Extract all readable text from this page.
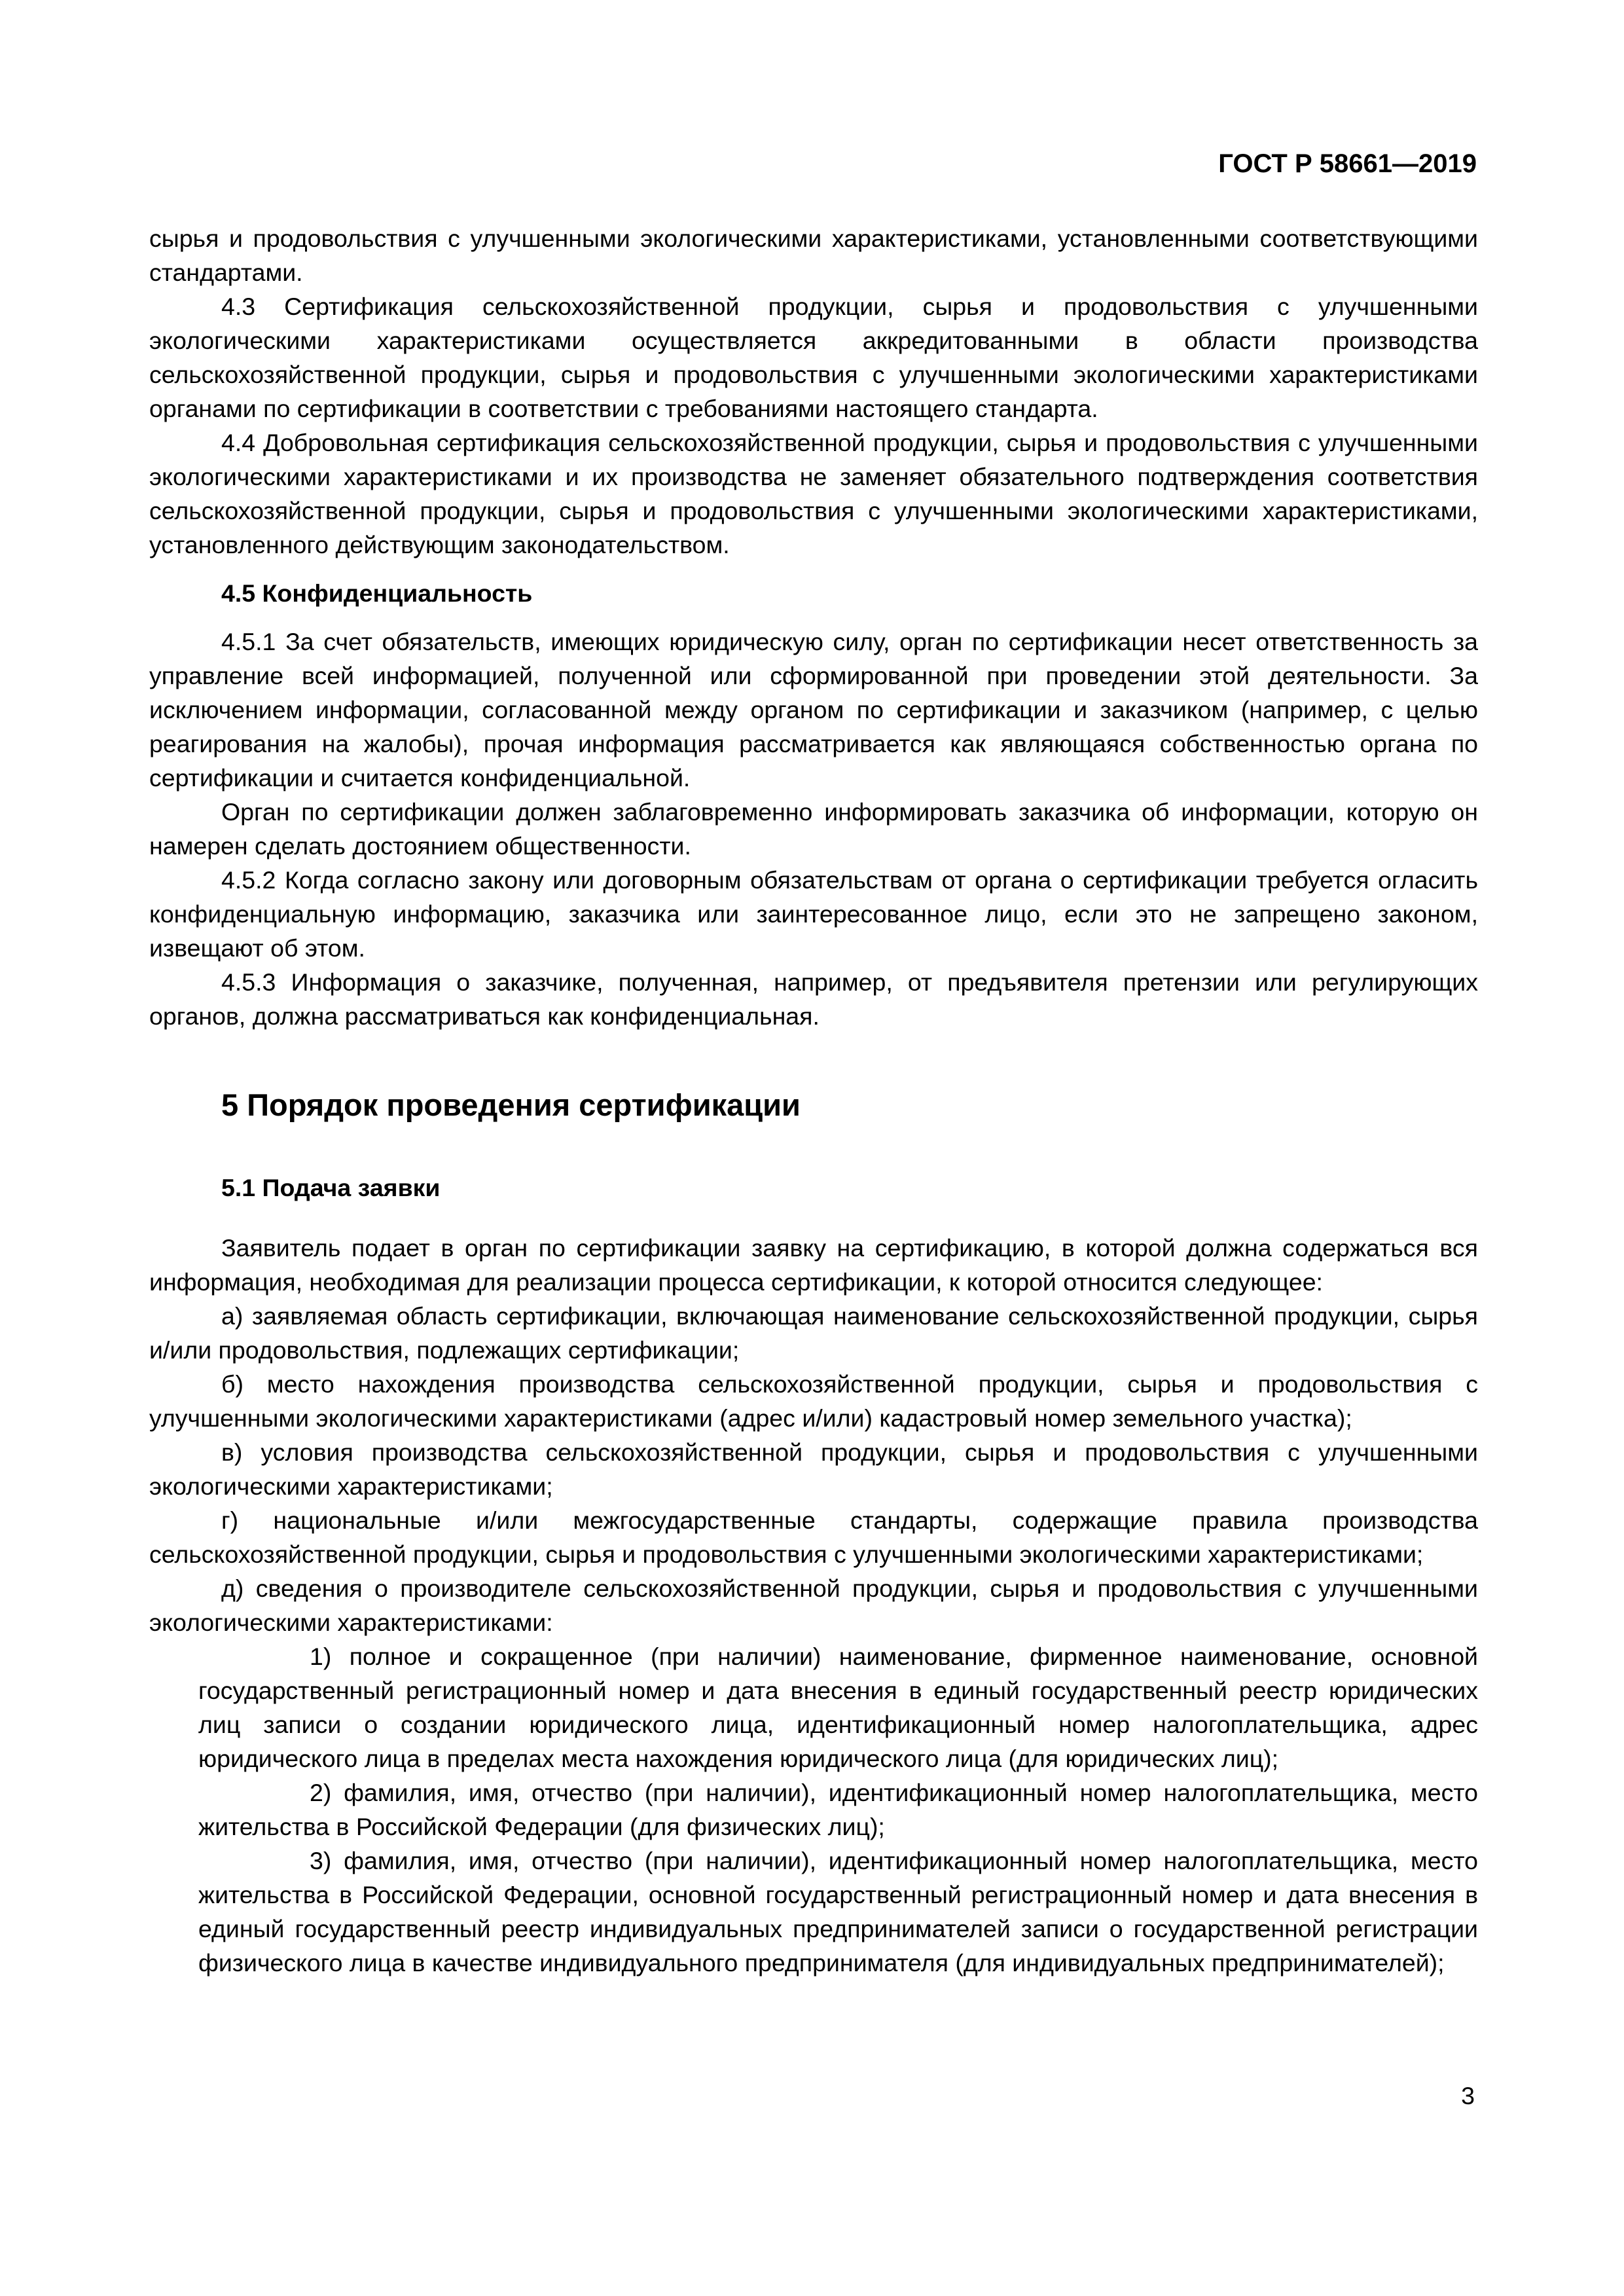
ГОСТ Р 58661—2019

сырья и продовольствия с улучшенными экологическими характеристиками, установленными соответствующими стандартами.

4.3 Сертификация сельскохозяйственной продукции, сырья и продовольствия с улучшенными экологическими характеристиками осуществляется аккредитованными в области производства сельскохозяйственной продукции, сырья и продовольствия с улучшенными экологическими характеристиками органами по сертификации в соответствии с требованиями настоящего стандарта.

4.4 Добровольная сертификация сельскохозяйственной продукции, сырья и продовольствия с улучшенными экологическими характеристиками и их производства не заменяет обязательного подтверждения соответствия сельскохозяйственной продукции, сырья и продовольствия с улучшенными экологическими характеристиками, установленного действующим законодательством.

4.5 Конфиденциальность

4.5.1 За счет обязательств, имеющих юридическую силу, орган по сертификации несет ответственность за управление всей информацией, полученной или сформированной при проведении этой деятельности. За исключением информации, согласованной между органом по сертификации и заказчиком (например, с целью реагирования на жалобы), прочая информация рассматривается как являющаяся собственностью органа по сертификации и считается конфиденциальной.

Орган по сертификации должен заблаговременно информировать заказчика об информации, которую он намерен сделать достоянием общественности.

4.5.2 Когда согласно закону или договорным обязательствам от органа о сертификации требуется огласить конфиденциальную информацию, заказчика или заинтересованное лицо, если это не запрещено законом, извещают об этом.

4.5.3 Информация о заказчике, полученная, например, от предъявителя претензии или регулирующих органов, должна рассматриваться как конфиденциальная.

5 Порядок проведения сертификации
5.1 Подача заявки

Заявитель подает в орган по сертификации заявку на сертификацию, в которой должна содержаться вся информация, необходимая для реализации процесса сертификации, к которой относится следующее:

а) заявляемая область сертификации, включающая наименование сельскохозяйственной продукции, сырья и/или продовольствия, подлежащих сертификации;

б) место нахождения производства сельскохозяйственной продукции, сырья и продовольствия с улучшенными экологическими характеристиками (адрес и/или) кадастровый номер земельного участка);

в) условия производства сельскохозяйственной продукции, сырья и продовольствия с улучшенными экологическими характеристиками;

г) национальные и/или межгосударственные стандарты, содержащие правила производства сельскохозяйственной продукции, сырья и продовольствия с улучшенными экологическими характеристиками;

д) сведения о производителе сельскохозяйственной продукции, сырья и продовольствия с улучшенными экологическими характеристиками:

1) полное и сокращенное (при наличии) наименование, фирменное наименование, основной государственный регистрационный номер и дата внесения в единый государственный реестр юридических лиц записи о создании юридического лица, идентификационный номер налогоплательщика, адрес юридического лица в пределах места нахождения юридического лица (для юридических лиц);

2) фамилия, имя, отчество (при наличии), идентификационный номер налогоплательщика, место жительства в Российской Федерации (для физических лиц);

3) фамилия, имя, отчество (при наличии), идентификационный номер налогоплательщика, место жительства в Российской Федерации, основной государственный регистрационный номер и дата внесения в единый государственный реестр индивидуальных предпринимателей записи о государственной регистрации физического лица в качестве индивидуального предпринимателя (для индивидуальных предпринимателей);

3
